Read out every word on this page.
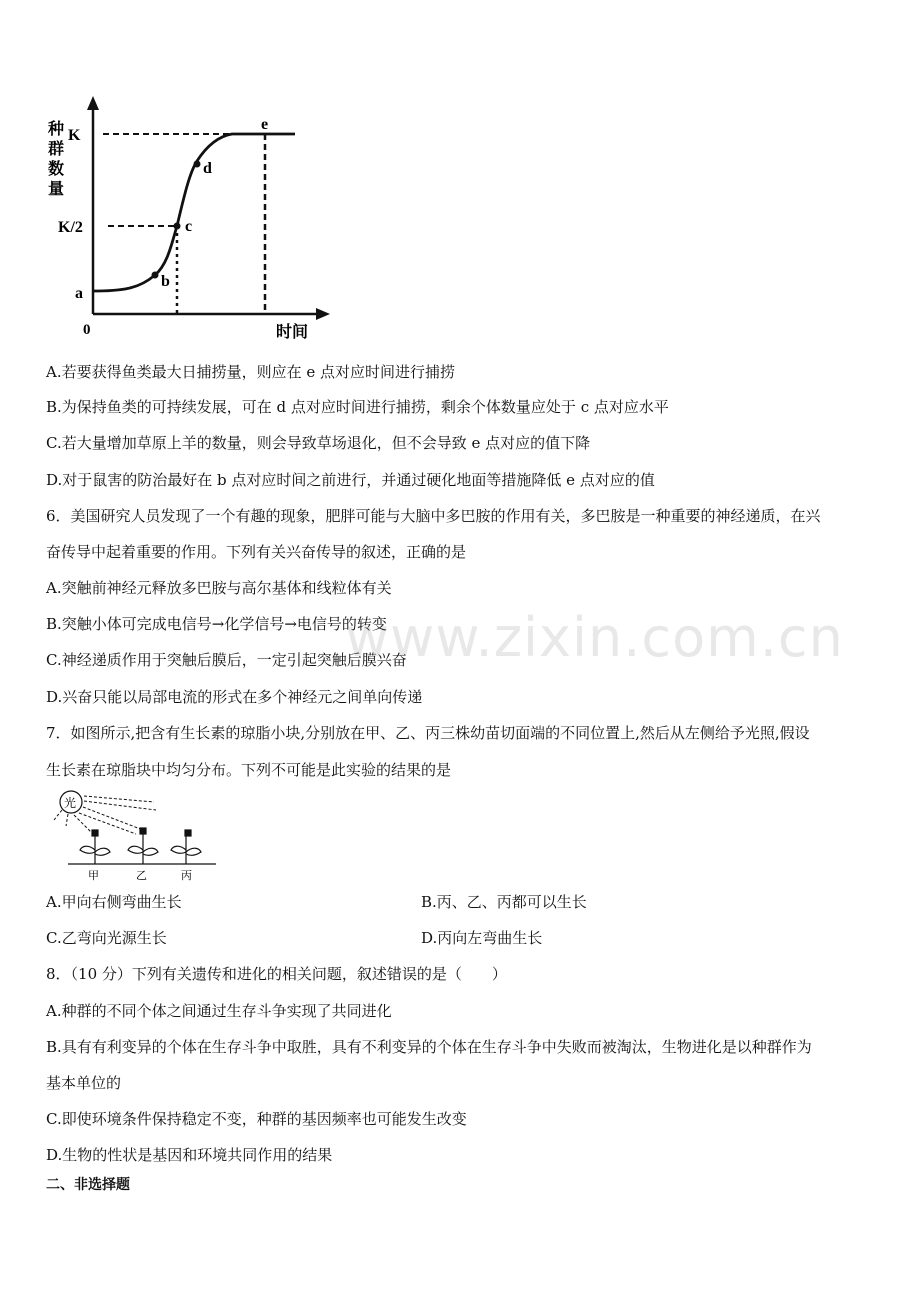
种
群
数
量
0	时间
K
K/2
a
b
c
d
e
A.若要获得鱼类最大日捕捞量，则应在 e 点对应时间进行捕捞
B.为保持鱼类的可持续发展，可在 d 点对应时间进行捕捞，剩余个体数量应处于 c 点对应水平
C.若大量增加草原上羊的数量，则会导致草场退化，但不会导致 e 点对应的值下降
D.对于鼠害的防治最好在 b 点对应时间之前进行，并通过硬化地面等措施降低 e 点对应的值
6．美国研究人员发现了一个有趣的现象，肥胖可能与大脑中多巴胺的作用有关，多巴胺是一种重要的神经递质，在兴
奋传导中起着重要的作用。下列有关兴奋传导的叙述，正确的是
A.突触前神经元释放多巴胺与高尔基体和线粒体有关
B.突触小体可完成电信号→化学信号→电信号的转变
C.神经递质作用于突触后膜后，一定引起突触后膜兴奋
D.兴奋只能以局部电流的形式在多个神经元之间单向传递
7．如图所示,把含有生长素的琼脂小块,分别放在甲、乙、丙三株幼苗切面端的不同位置上,然后从左侧给予光照,假设
生长素在琼脂块中均匀分布。下列不可能是此实验的结果的是
光
甲	乙	丙
A.甲向右侧弯曲生长	B.丙、乙、丙都可以生长
C.乙弯向光源生长	D.丙向左弯曲生长
8．（10 分）下列有关遗传和进化的相关问题，叙述错误的是（　　）
A.种群的不同个体之间通过生存斗争实现了共同进化
B.具有有利变异的个体在生存斗争中取胜，具有不利变异的个体在生存斗争中失败而被淘汰，生物进化是以种群作为
基本单位的
C.即使环境条件保持稳定不变，种群的基因频率也可能发生改变
D.生物的性状是基因和环境共同作用的结果
二、非选择题
www.zixin.com.cn
